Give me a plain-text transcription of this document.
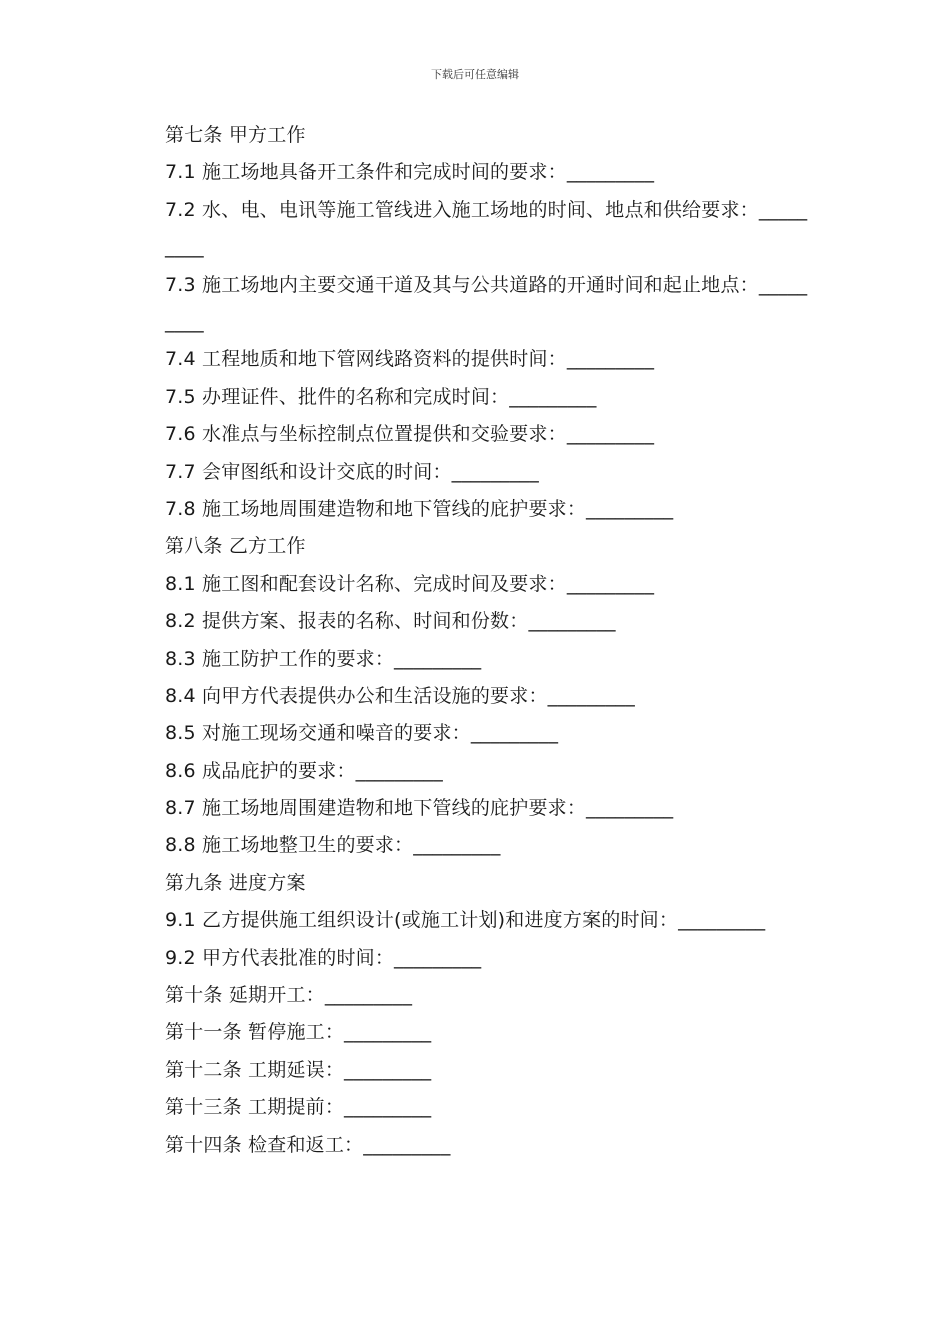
下载后可任意编辑
第七条 甲方工作
7.1 施工场地具备开工条件和完成时间的要求：_________
7.2 水、电、电讯等施工管线进入施工场地的时间、地点和供给要求：_________
7.3 施工场地内主要交通干道及其与公共道路的开通时间和起止地点：_________
7.4 工程地质和地下管网线路资料的提供时间：_________
7.5 办理证件、批件的名称和完成时间：_________
7.6 水准点与坐标控制点位置提供和交验要求：_________
7.7 会审图纸和设计交底的时间：_________
7.8 施工场地周围建造物和地下管线的庇护要求：_________
第八条 乙方工作
8.1 施工图和配套设计名称、完成时间及要求：_________
8.2 提供方案、报表的名称、时间和份数：_________
8.3 施工防护工作的要求：_________
8.4 向甲方代表提供办公和生活设施的要求：_________
8.5 对施工现场交通和噪音的要求：_________
8.6 成品庇护的要求：_________
8.7 施工场地周围建造物和地下管线的庇护要求：_________
8.8 施工场地整卫生的要求：_________
第九条 进度方案
9.1 乙方提供施工组织设计(或施工计划)和进度方案的时间：_________
9.2 甲方代表批准的时间：_________
第十条 延期开工：_________
第十一条 暂停施工：_________
第十二条 工期延误：_________
第十三条 工期提前：_________
第十四条 检查和返工：_________
